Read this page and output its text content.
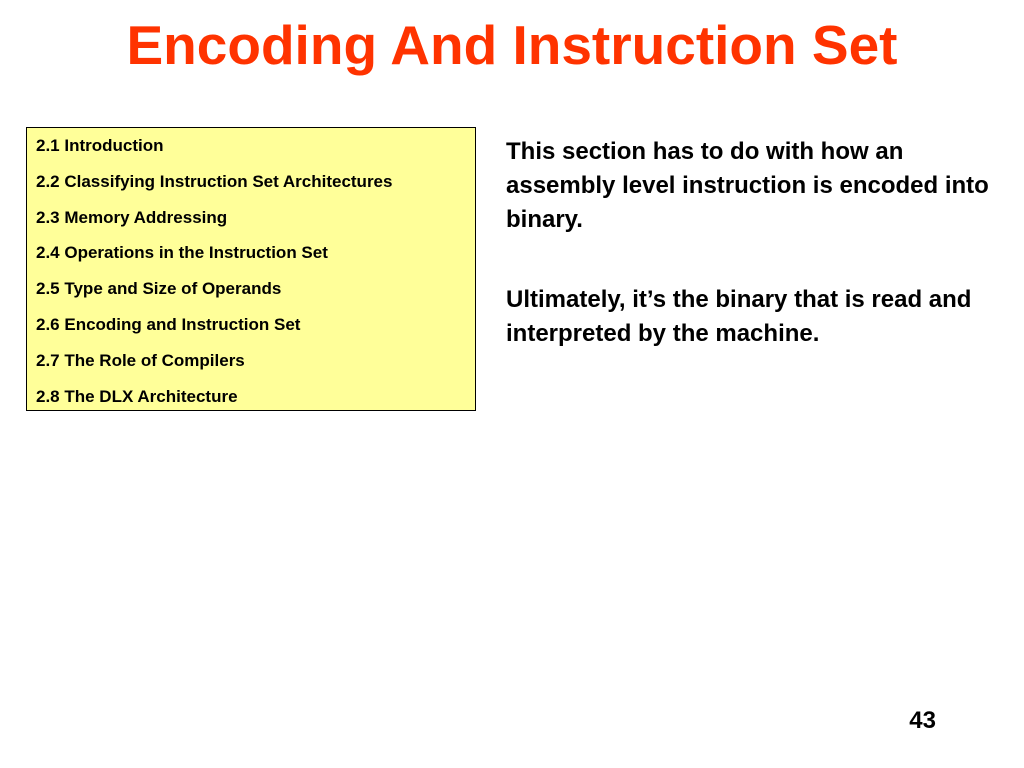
Encoding And Instruction Set
2.1 Introduction
2.2 Classifying Instruction Set Architectures
2.3 Memory Addressing
2.4 Operations in the Instruction Set
2.5 Type and Size of Operands
2.6 Encoding and Instruction Set
2.7 The Role of Compilers
2.8 The DLX Architecture

This section has to do with how an assembly level instruction is encoded into binary.

Ultimately, it’s the binary that is read and interpreted by the machine.

43
